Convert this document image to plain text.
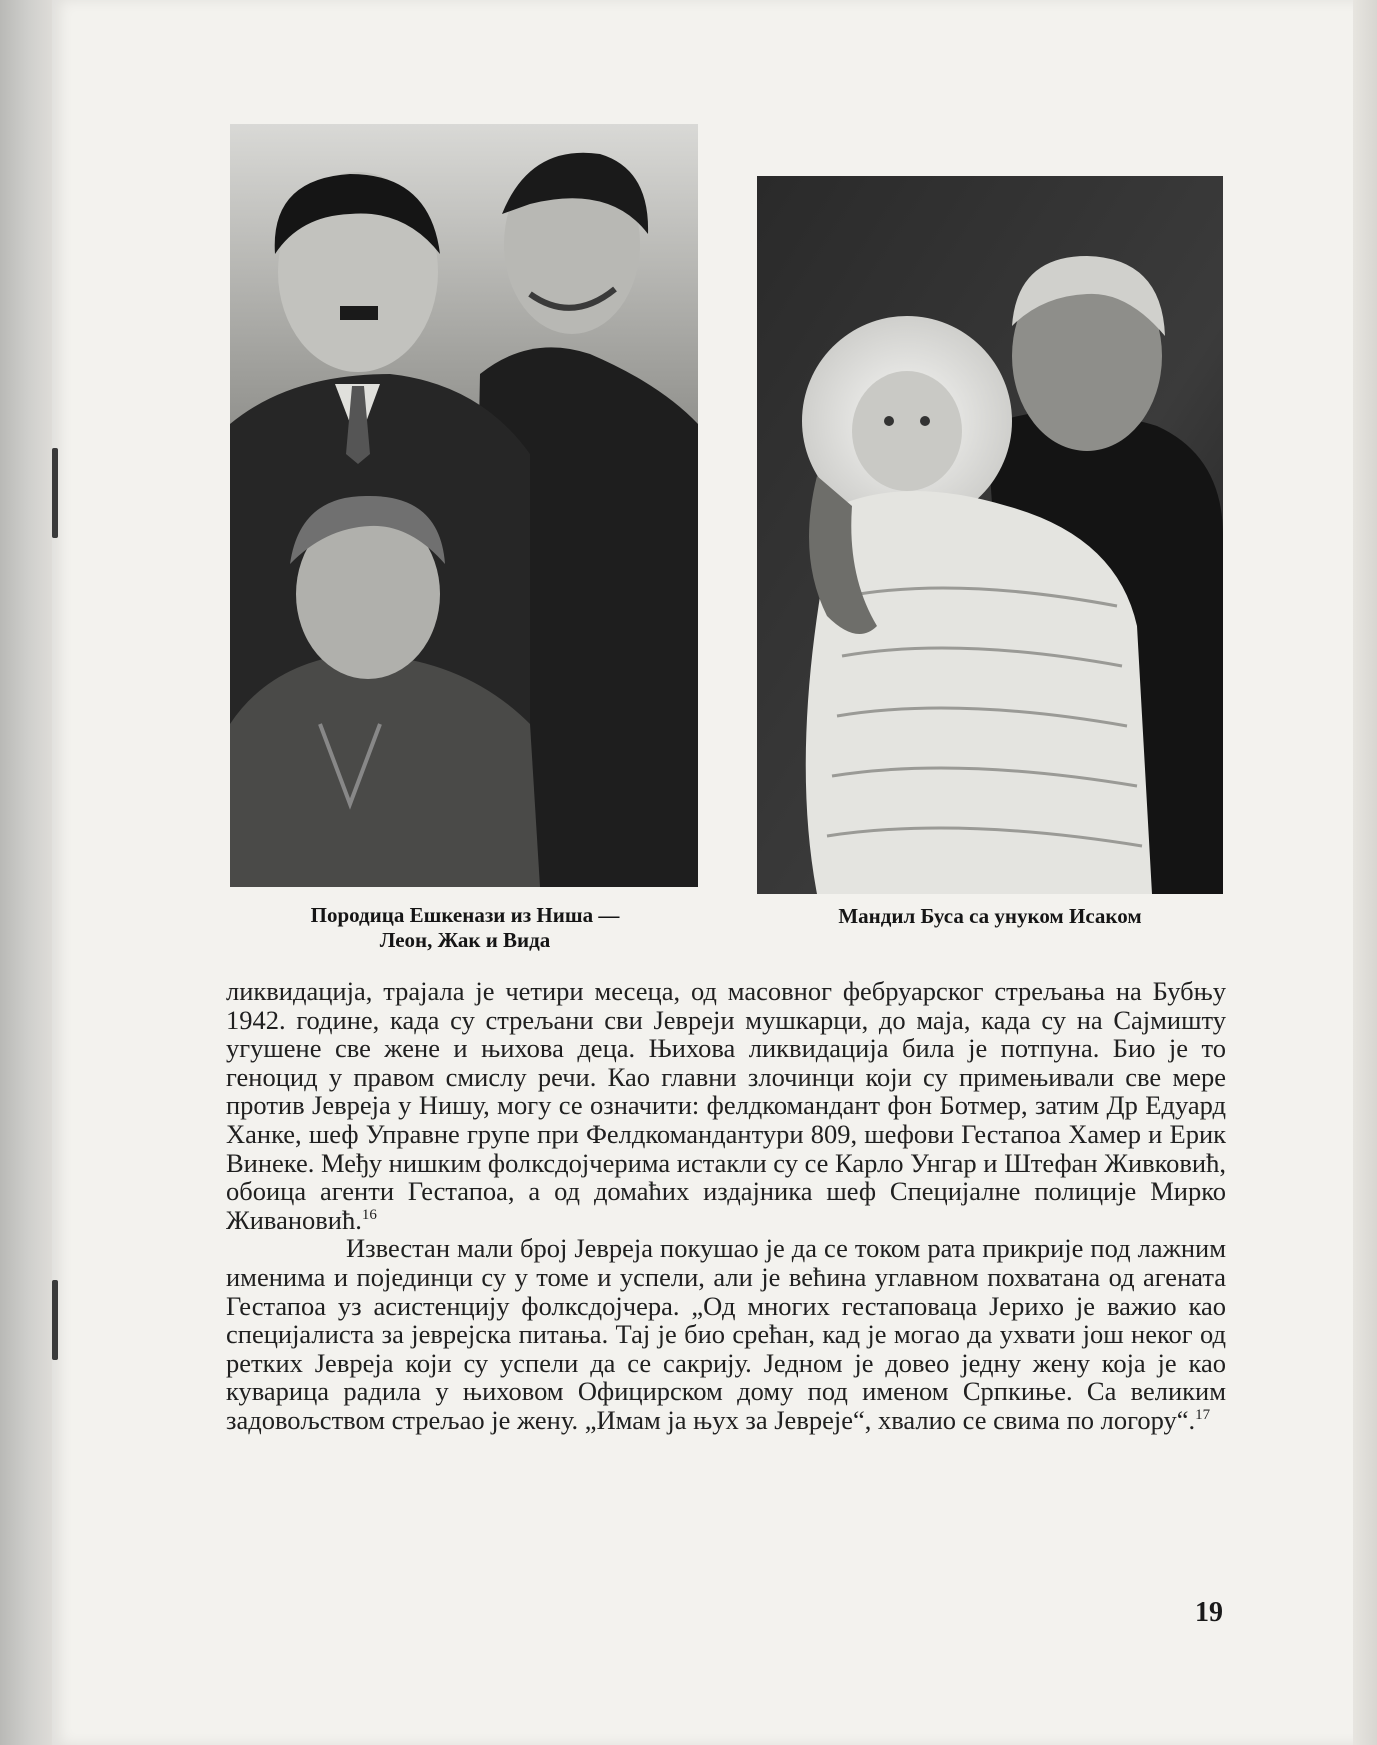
Породица Ешкенази из Ниша —
Леон, Жак и Вида
Мандил Буса са унуком Исаком

ликвидација, трајала је четири месеца, од масовног фебруарског стрељања на Бубњу 1942. године, када су стрељани сви Јевреји мушкарци, до маја, када су на Сајмишту угушене све жене и њихова деца. Њихова ликвидација била је потпуна. Био је то геноцид у правом смислу речи. Као главни злочинци који су примењивали све мере против Јевреја у Нишу, могу се означити: фелдкомандант фон Ботмер, затим Др Едуард Ханке, шеф Управне групе при Фелдкомандантури 809, шефови Гестапоа Хамер и Ерик Винеке. Међу нишким фолксдојчерима истакли су се Карло Унгар и Штефан Живковић, обоица агенти Гестапоа, а од домаћих издајника шеф Специјалне полиције Мирко Живановић.$^{16}$

Известан мали број Јевреја покушао је да се током рата прикрије под лажним именима и појединци су у томе и успели, али је већина углавном похватана од агената Гестапоа уз асистенцију фолксдојчера. „Од многих гестаповаца Јерихо је важио као специјалиста за јеврејска питања. Тај је био срећан, кад је могао да ухвати још неког од ретких Јевреја који су успели да се сакрију. Једном је довео једну жену која је као куварица радила у њиховом Официрском дому под именом Српкиње. Са великим задовољством стрељао је жену. „Имам ја њух за Јевреје“, хвалио се свима по логору“.$^{17}$

19
